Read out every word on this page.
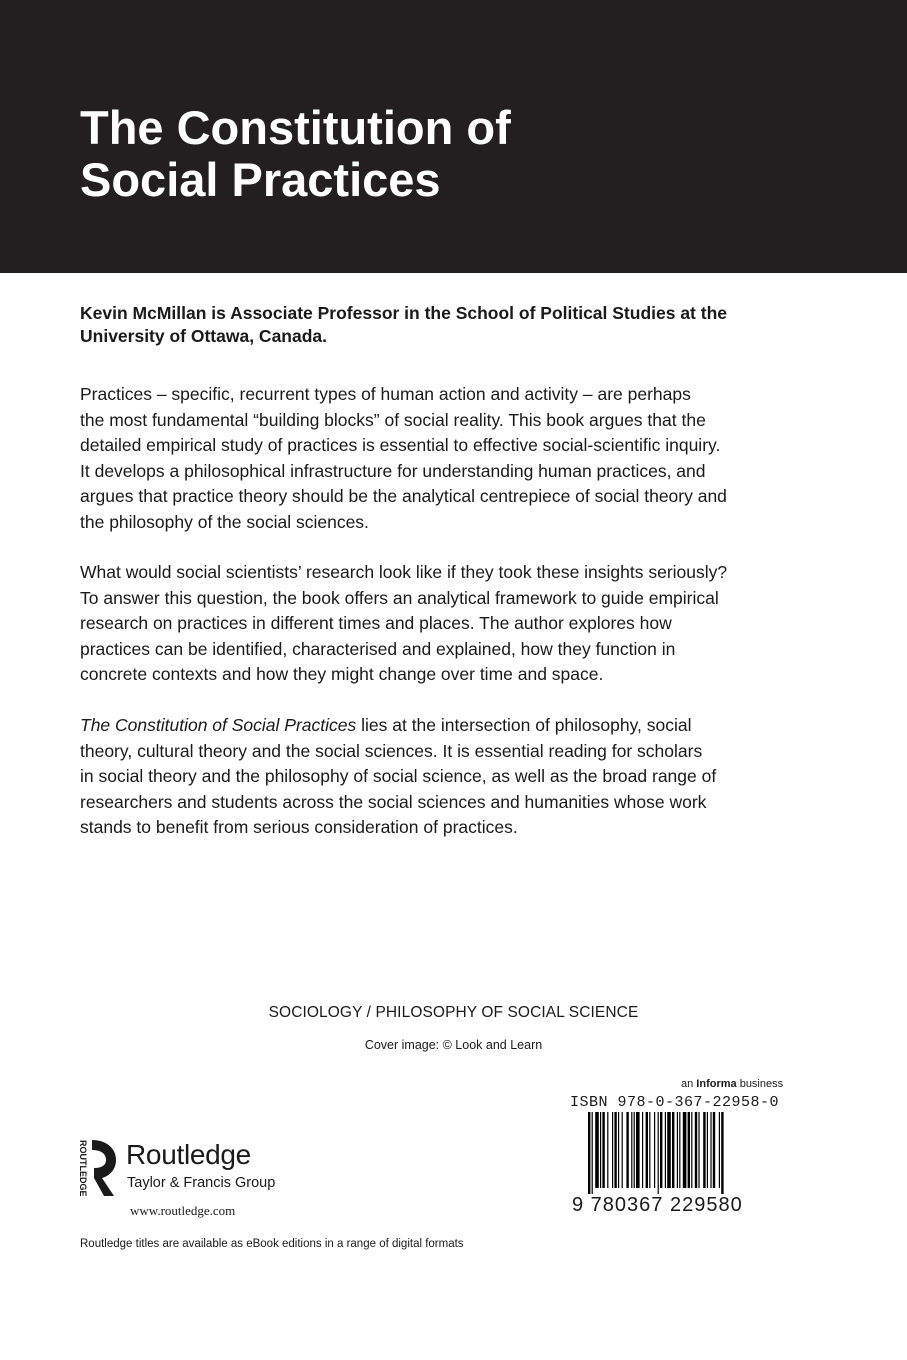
The Constitution of
Social Practices

Kevin McMillan is Associate Professor in the School of Political Studies at the
University of Ottawa, Canada.

Practices – specific, recurrent types of human action and activity – are perhaps
the most fundamental “building blocks” of social reality. This book argues that the
detailed empirical study of practices is essential to effective social-scientific inquiry.
It develops a philosophical infrastructure for understanding human practices, and
argues that practice theory should be the analytical centrepiece of social theory and
the philosophy of the social sciences.

What would social scientists’ research look like if they took these insights seriously?
To answer this question, the book offers an analytical framework to guide empirical
research on practices in different times and places. The author explores how
practices can be identified, characterised and explained, how they function in
concrete contexts and how they might change over time and space.

The Constitution of Social Practices lies at the intersection of philosophy, social
theory, cultural theory and the social sciences. It is essential reading for scholars
in social theory and the philosophy of social science, as well as the broad range of
researchers and students across the social sciences and humanities whose work
stands to benefit from serious consideration of practices.

SOCIOLOGY / PHILOSOPHY OF SOCIAL SCIENCE
Cover image: © Look and Learn
an Informa business
ISBN 978-0-367-22958-0
9 780367 229580
ROUTLEDGE Routledge
Taylor & Francis Group
www.routledge.com
Routledge titles are available as eBook editions in a range of digital formats
